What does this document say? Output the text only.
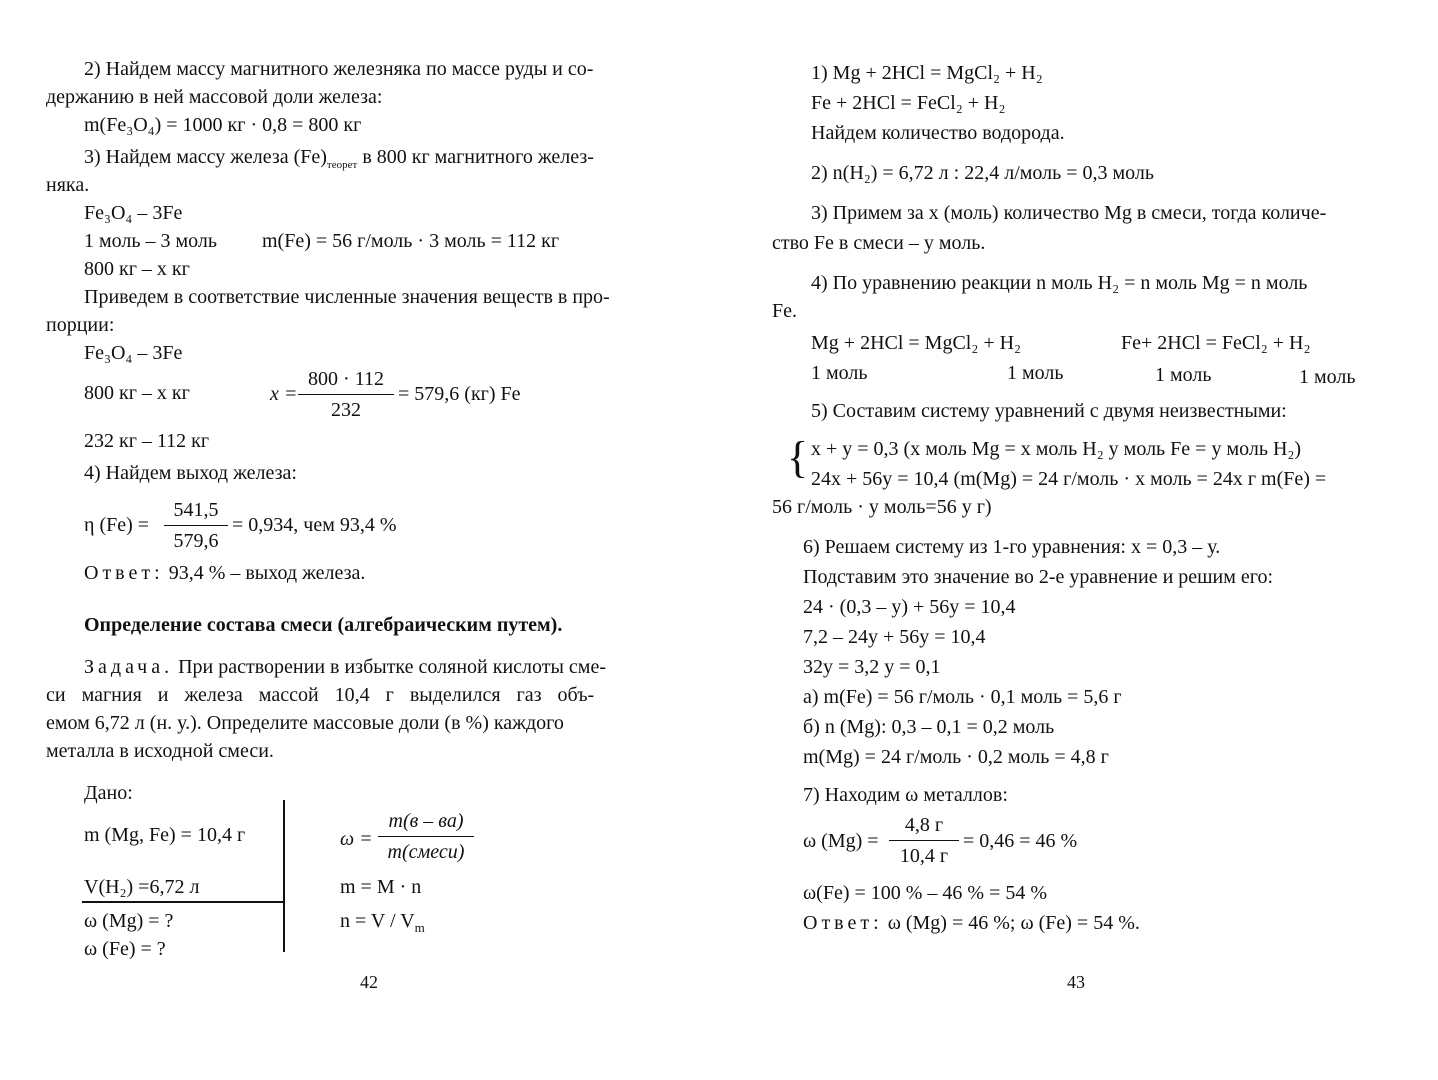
2) Найдем массу магнитного железняка по массе руды и со-
держанию в ней массовой доли железа:
m(Fe₃O₄) = 1000 кг · 0,8 = 800 кг
3) Найдем массу железа $(Fe)_{теорет}$ в 800 кг магнитного желез-
няка.
Fe₃O₄ – 3Fe
1 моль – 3 моль m(Fe) = 56 г/моль · 3 моль = 112 кг
800 кг – х кг
Приведем в соответствие численные значения веществ в про-
порции:
Fe₃O₄ – 3Fe
800 кг – х кг	$x = \frac{800 \cdot 112}{232} = 579,6$ (кг) Fe
232 кг – 112 кг
4) Найдем выход железа:
η $(Fe) = \frac{541,5}{579,6} = 0,934$, чем 93,4 %
Ответ: 93,4 % – выход железа.
Определение состава смеси (алгебраическим путем).
Задача. При растворении в избытке соляной кислоты сме-
си магния и железа массой 10,4 г выделился газ объ-
емом 6,72 л (н. у.). Определите массовые доли (в %) каждого
металла в исходной смеси.
Дано:
m (Mg, Fe) = 10,4 г
V(H₂) =6,72 л
ω (Mg) = ?
ω (Fe) = ?
ω =
m(в – ва)
m(смеси)
m = M · n
$n = V / V_m$
42
1) Mg + 2HCl = MgCl₂ + H₂
Fe + 2HCl = FeCl₂ + H₂
Найдем количество водорода.
2) n(H₂) = 6,72 л : 22,4 л/моль = 0,3 моль
3) Примем за х (моль) количество Mg в смеси, тогда количе-
ство Fe в смеси – у моль.
4) По уравнению реакции n моль H₂ = n моль Mg = n моль
Fe.
Mg + 2HCl = MgCl₂ + H₂	Fe+ 2HCl = FeCl₂ + H₂
1 моль	1 моль	1 моль	1 моль
5) Составим систему уравнений с двумя неизвестными:
{ x + y = 0,3 (x моль Mg = x моль H₂ у моль Fe = у моль H₂)
24x + 56y = 10,4 (m(Mg) = 24 г/моль · x моль = 24x г m(Fe) =
56 г/моль · у моль=56 у г)
6) Решаем систему из 1-го уравнения: x = 0,3 – у.
Подставим это значение во 2-е уравнение и решим его:
24 · (0,3 – y) + 56y = 10,4
7,2 – 24y + 56y = 10,4
32y = 3,2 y = 0,1
а) m(Fe) = 56 г/моль · 0,1 моль = 5,6 г
б) n (Mg): 0,3 – 0,1 = 0,2 моль
m(Mg) = 24 г/моль · 0,2 моль = 4,8 г
7) Находим ω металлов:
ω (Mg) =
4,8 г
10,4 г
= 0,46 = 46 %
ω(Fe) = 100 % – 46 % = 54 %
Ответ: ω (Mg) = 46 %; ω (Fe) = 54 %.
43
